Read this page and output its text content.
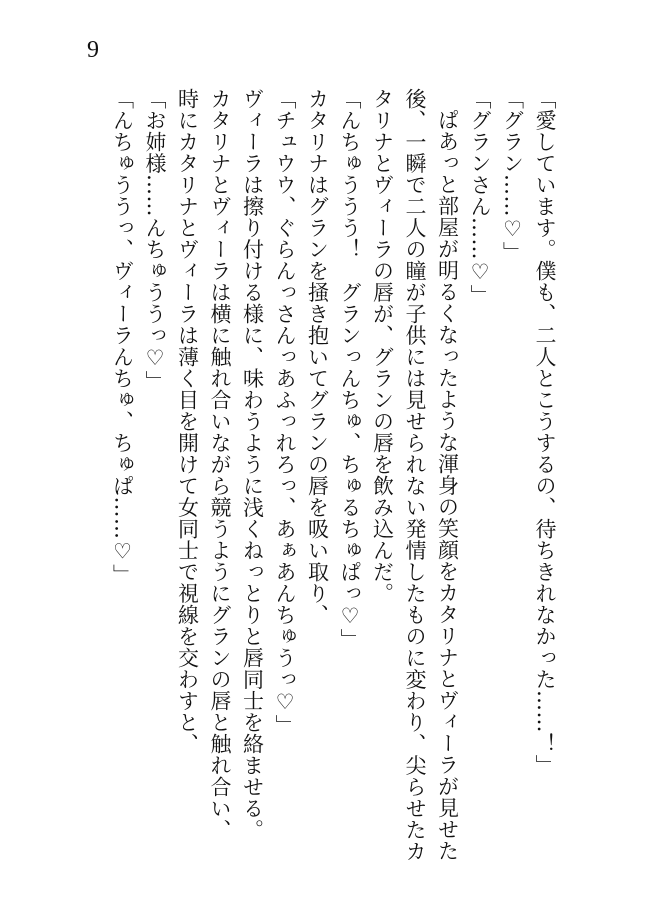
9
「愛しています。僕も、二人とこうするの、待ちきれなかった……！」
「グラン……♡」
「グランさん……♡」
ぱあっと部屋が明るくなったような渾身の笑顔をカタリナとヴィーラが見せた
後、一瞬で二人の瞳が子供には見せられない発情したものに変わり、尖らせたカ
タリナとヴィーラの唇が、グランの唇を飲み込んだ。
「んちゅううう！　グランっんちゅ、ちゅるちゅぱっ♡」
カタリナはグランを掻き抱いてグランの唇を吸い取り、
「チュウウ、ぐらんっさんっあふっれろっ、あぁあんちゅうっ♡」
ヴィーラは擦り付ける様に、味わうように浅くねっとりと唇同士を絡ませる。
カタリナとヴィーラは横に触れ合いながら競うようにグランの唇と触れ合い、
時にカタリナとヴィーラは薄く目を開けて女同士で視線を交わすと、
「お姉様……んちゅううっ♡」
「んちゅううっ、ヴィーラんちゅ、ちゅぱ……♡」
